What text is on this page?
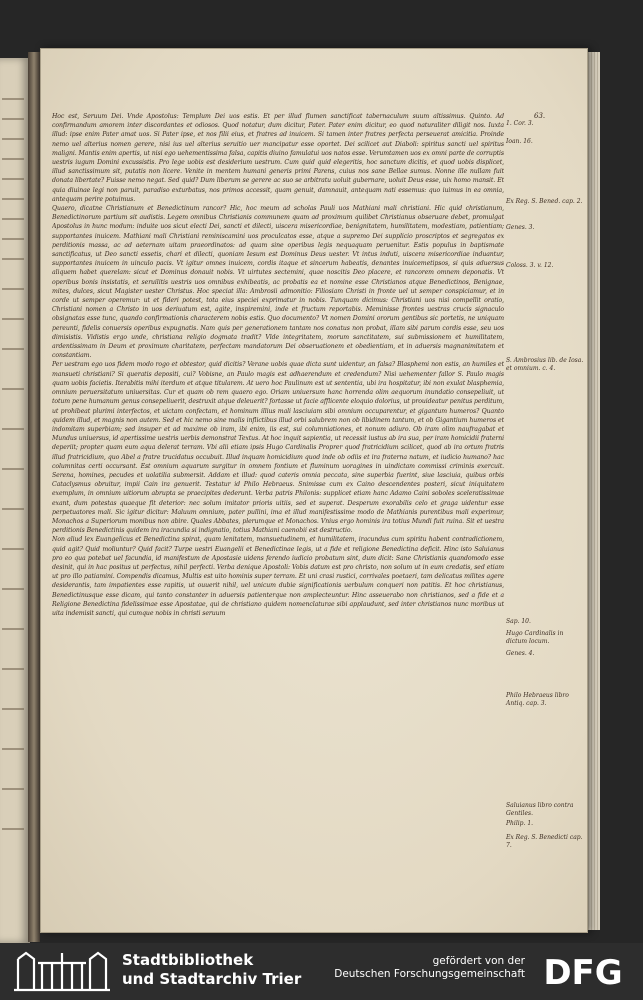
63.

Hoc est, Seruum Dei. Vnde Apostolus: Templum Dei uos estis. Et per illud flumen sanctificat tabernaculum suum altissimus. Quinto. Ad confirmandum amorem inter discordantes et odiosos. Quod notatur, dum dicitur, Pater. Pater enim dicitur, eo quod naturaliter diligit nos. Iuxta illud: ipse enim Pater amat uos. Si Pater ipse, et nos filii eius, et fratres ad inuicem. Si tamen inter fratres perfecta perseuerat amicitia. Proinde nemo uel alterius nomen gerere, nisi ius uel alterius seruitio uer mancipatur esse oportet. Dei scilicet aut Diaboli: spiritus sancti uel spiritus maligni. Mantis enim apertis, ut nisi ego uehementissima falsa, capitis diuino famulatui uos natos esse. Verumtamen uos ex omni parte de corruptis uestris iugum Domini excussistis. Pro lege uobis est desiderium uestrum. Cum quid quid elegeritis, hoc sanctum dicitis, et quod uobis displicet, illud sanctissimum sit, putatis non licere. Venite in mentem humani generis primi Parens, cuius nos sane Bellae sumus. Nonne ille nullam fuit donata libertate? Fuisse nemo negat. Sed quid? Dum liberum se gerere ac suo se arbitratu uoluit gubernare, uoluit Deus esse, uix homo mansit. Et quia diuinae legi non paruit, paradiso exturbatus, nos primos accessit, quam genuit, damnauit, antequam nati essemus: quo iuimus in ea omnia, antequam perire potuimus.

Quaero, dicatne Christianum et Benedictinum rancor? Hic, hoc meum ad scholas Pauli uos Mathiani mali christiani. Hic quid christianum, Benedictinorum partium sit audistis. Legem omnibus Christianis communem quam ad proximum quilibet Christianus obseruare debet, promulgat Apostolus in hunc modum: induite uos sicut electi Dei, sancti et dilecti, uiscera misericordiae, benignitatem, humilitatem, modestiam, patientiam; supportantes inuicem. Mathiani mali Christiani reminiscamini uos proculcatos esse, atque a supremo Dei supplicio proscriptos et segregatos ex perditionis massa, ac ad aeternam uitam praeordinatos: ad quam sine operibus legis nequaquam peruenitur. Estis populus in baptismate sanctificatus, ut Deo sancti essetis, chari et dilecti, quoniam Iesum est Dominus Deus uester. Vt intus induti, uiscera misericordiae induantur, supportantes inuicem in uinculo pacis. Vt igitur omnes inuicem, cordis itaque et sincerum habeatis, denantes inuicemetipsos, si quis aduersus aliquem habet querelam: sicut et Dominus donauit nobis. Vt uirtutes sectemini, quae noscitis Deo placere, et rancorem omnem deponatis. Vt operibus bonis insistatis, et seruilitis uestris uos omnibus exhibeatis, ac probatis ea et nomine esse Christianos atque Benedictinos, Benignae, mites, dulces, sicut Magister uester Christus. Hoc speciat illa: Ambrosii admonitio: Filiosiam Christi in fronte uel ut semper conspiciamur, et in corde ut semper operemur: ut et fideri potest, tota eius speciei exprimatur in nobis. Tunquam dicimus: Christiani uos nisi compellit oratio, Christiani nomen a Christo in uos deriuatum est, agite, inspiremini, inde et fructum reportabis. Meminisse frontes uestras crucis signaculo obsignatas esse tunc, quando confirmationis characterem nobis estis. Quo documento? Vt nomen Domini ororum gentibus sic portetis, ne uniquam pereunti, fidelis conuersis operibus expugnatis. Nam quis per generationem tantam nos conatus non probat, illam sibi parum cordis esse, seu uos dimisistis. Vidistis ergo unde, christiana religio dogmata tradit? Vlde integritatem, morum sanctitatem, sui submissionem et humilitatem, ardentissimam in Deum et proximum charitatem, perfectam mandatorum Dei obseruationem et obedientiam, et in aduersis magnanimitatem et constantiam.

Per uestram ego uos fidem modo rogo et obtestor, quid dicitis? Verane uobis quae dicta sunt uidentur, an falsa? Blasphemi non estis, an humiles et mansueti christiani? Si queratis depositi, cui? Vobisne, an Paulo magis est adhaerendum et credendum? Nisi uehementer fallor S. Paulo magis quam uobis facietis. Iterabitis mihi iterdum et atque titularem. At uero hoc Paulinum est ut sententia, ubi ira hospitatur, ibi non exulat blasphemia, omnium peruersitatum uniuersitas. Cur et quam ob rem quaero ego. Oriam uniuersum hanc horrenda olim aequorum inundatio consepeliuit, ut totum pene humanum genus consepeliuerit, destruxit atque deleuerit? fortasse ut facie afflicente eloquio dolorius, ut prouideatur penitus perditum, ut prohibeat plurimi interfectos, et uictam confectam, et hominum illius mali lasciuiam sibi omnium occuparentur, et gigantum humeros? Quanto quidem illud, et magnis non autem. Sed et hic nemo sine malis inflictibus illud orbi salubrem non ob libidinem tantum, et ob Gigantium humeros et indomitam superbiam; sed insuper et ad maxime ob iram, ibi enim, iis est, sui columniationes, et nonum adiuro. Ob iram olim naufragabat et Mundus uniuersus, id apertissime uestris uerbis demonstrat Textus. At hoc inquit sapientia, ut recessit iustus ab ira sua, per iram homicidii fraterni deperiit; propter quam eum aqua delerat terram. Vbi alii etiam ipsis Hugo Cardinalis Proprer quod fratricidium scilicet, quod ab ira ortum fratris illud fratricidium, quo Abel a fratre trucidatus occubuit. Illud inquam homicidium quod inde ob odiis et ira fraterna natum, et iudicio humano? hac columnitas certi occursant. Est omnium aquarum surgitur in omnem fontium et fluminum uoragines in uindictam commissi criminis exercuit. Serena, homines, pecudes et uolatilia submersit. Addam et illud: quod cateris omnia peccata, sine superbia fuerint, siue lasciuia, quibus orbis Cataclysmus obruitur, impii Cain ira genuerit. Testatur id Philo Hebraeus. Snimisse cum ex Caino descendentes posteri, sicut iniquitatem exemplum, in omnium uitiorum abrupta se praecipites dederunt. Verba patris Philonis: supplicet etiam hanc Adamo Caini soboles sceleratissimae exant, dum potestas quaeque fit deterior: nec solum imitator prioris uitiis, sed et superat. Desperum exorabilis celo et graga uidentur esse perpetuatores mali. Sic igitur dicitur: Maluum omnium, pater pullini, ima et illud manifestissime modo de Mathianis purentibus mali experimur, Monachos a Superiorum monibus non abire. Quales Abbates, plerumque et Monachos. Vnius ergo hominis ira totius Mundi fuit ruina. Sit et uestra perditionis Benedictinis quidem ira iracundia si indignatio, totius Mathiani caenobii est destructio.

Non aliud lex Euangelicus et Benedictina spirat, quam lenitatem, mansuetudinem, et humilitatem, iracundus cum spiritu habent contradictionem, quid agit? Quid moliuntur? Quid facit? Turpe uestri Euangelii et Benedictinae legis, ut a fide et religione Benedictina deficit. Hinc isto Saluianus pro eo qua potebat uel facundia, id manifestum de Apostasie uidens ferendo iudicio probatum sint, dum dicit: Sane Christianis quandomodo esse desinit, qui in hac positus ut perfectus, nihil perfecti. Verba denique Apostoli: Vobis datum est pro christo, non solum ut in eum credatis, sed etiam ut pro illo patiamini. Compendis dicamus, Multis est uito hominis super terram. Et uni crasi rustici, corrivales poetaeri, tam delicatus milites agere desiderantis, tam impatientes esse rapitis, ut ouuerit nihil, uel unicum dubie significationis uerbulum conqueri non patitis. Et hoc christianus, Benedictinusque esse dicam, qui tanto constanter in aduersis patienterque non amplecteuntur. Hinc asseuerabo non christianos, sed a fide et a Religione Benedictina fidelissimae esse Apostatae, qui de christiano quidem nomenclaturae sibi applaudunt, sed inter christianos nunc moribus ut uita indemisit sancti, qui cumque nobis in christi seruum

1. Cor. 3.
Ioan. 16.
Ex Reg. S. Bened. cap. 2.
Genes. 3.
Coloss. 3. v. 12.
S. Ambrosius lib. de Iosa. et omnium. c. 4.
Sap. 10.
Hugo Cardinalis in dictum locum.
Genes. 4.
Philo Hebraeus libro Antiq. cap. 3.
Saluianus libro contra Gentiles.
Philip. 1.
Ex Reg. S. Benedicti cap. 7.
Stadtbibliothek
und Stadtarchiv Trier
gefördert von der
Deutschen Forschungsgemeinschaft DFG
